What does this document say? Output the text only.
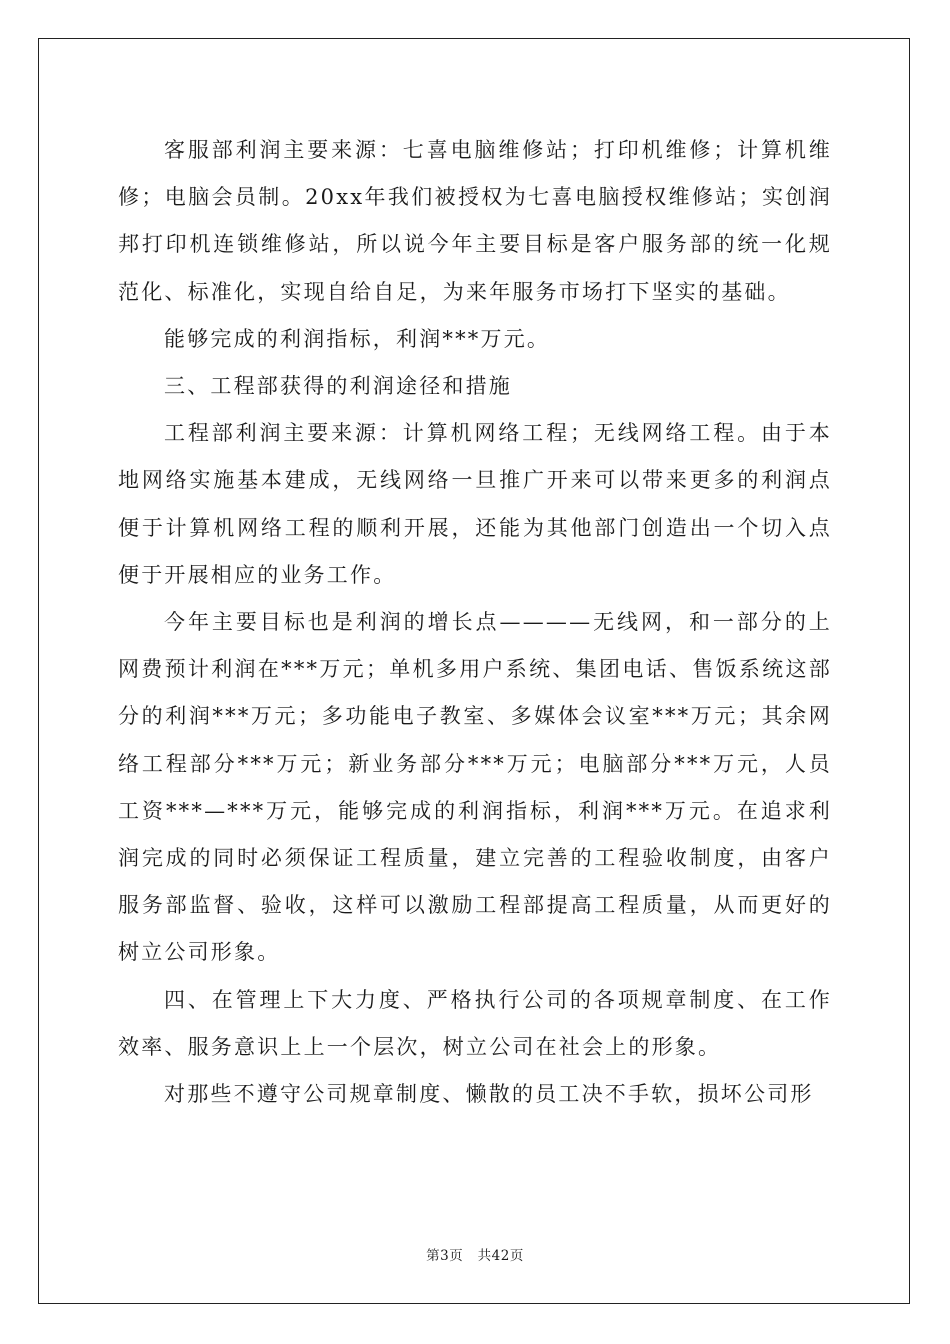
客服部利润主要来源：七喜电脑维修站；打印机维修；计算机维修；电脑会员制。20xx年我们被授权为七喜电脑授权维修站；实创润邦打印机连锁维修站，所以说今年主要目标是客户服务部的统一化规范化、标准化，实现自给自足，为来年服务市场打下坚实的基础。

能够完成的利润指标，利润***万元。

三、工程部获得的利润途径和措施

工程部利润主要来源：计算机网络工程；无线网络工程。由于本地网络实施基本建成，无线网络一旦推广开来可以带来更多的利润点便于计算机网络工程的顺利开展，还能为其他部门创造出一个切入点便于开展相应的业务工作。

今年主要目标也是利润的增长点————无线网，和一部分的上网费预计利润在***万元；单机多用户系统、集团电话、售饭系统这部分的利润***万元；多功能电子教室、多媒体会议室***万元；其余网络工程部分***万元；新业务部分***万元；电脑部分***万元，人员工资***—***万元，能够完成的利润指标，利润***万元。在追求利润完成的同时必须保证工程质量，建立完善的工程验收制度，由客户服务部监督、验收，这样可以激励工程部提高工程质量，从而更好的树立公司形象。

四、在管理上下大力度、严格执行公司的各项规章制度、在工作效率、服务意识上上一个层次，树立公司在社会上的形象。

对那些不遵守公司规章制度、懒散的员工决不手软，损坏公司形

第3页 共42页
